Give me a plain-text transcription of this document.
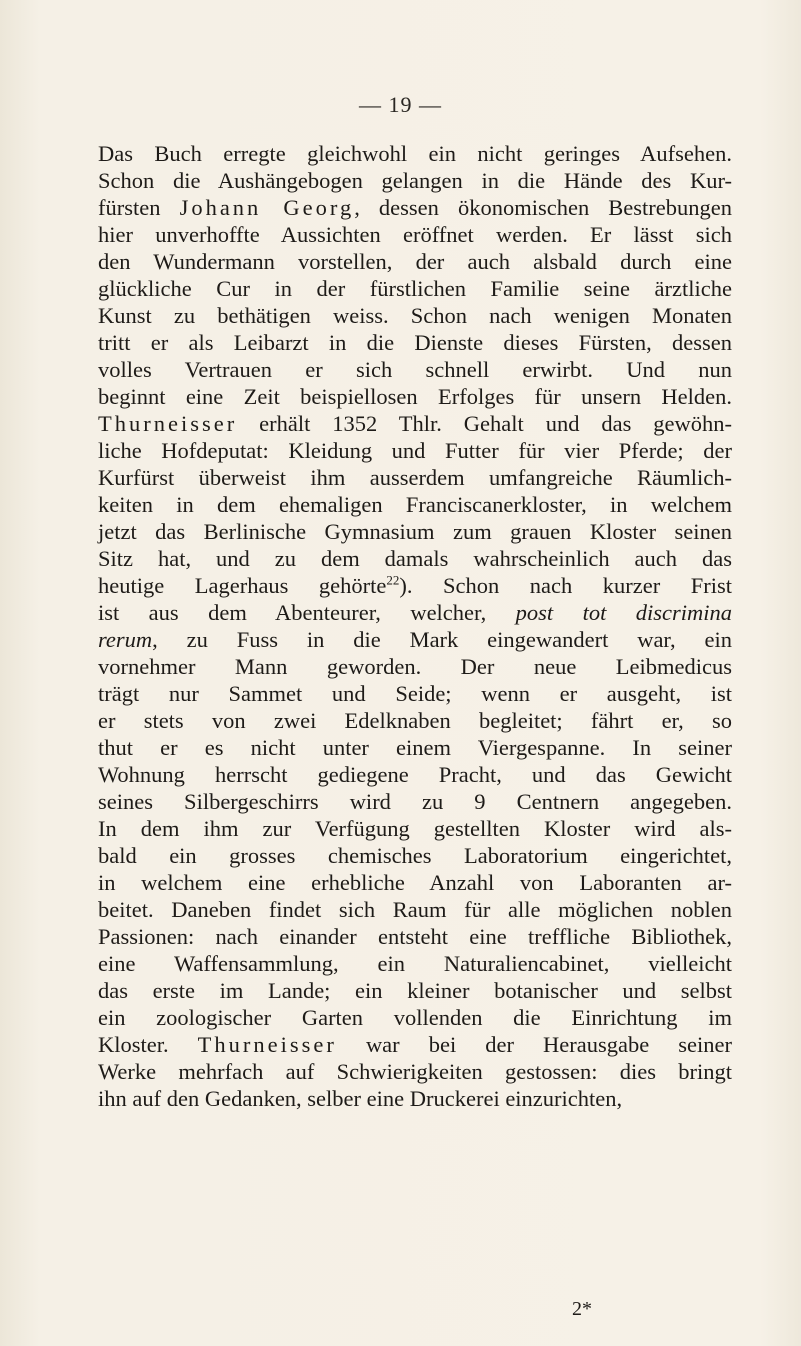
— 19 —
Das Buch erregte gleichwohl ein nicht geringes Aufsehen.
Schon die Aushängebogen gelangen in die Hände des Kur-
fürsten Johann Georg, dessen ökonomischen Bestrebungen
hier unverhoffte Aussichten eröffnet werden. Er lässt sich
den Wundermann vorstellen, der auch alsbald durch eine
glückliche Cur in der fürstlichen Familie seine ärztliche
Kunst zu bethätigen weiss. Schon nach wenigen Monaten
tritt er als Leibarzt in die Dienste dieses Fürsten, dessen
volles Vertrauen er sich schnell erwirbt. Und nun
beginnt eine Zeit beispiellosen Erfolges für unsern Helden.
Thurneisser erhält 1352 Thlr. Gehalt und das gewöhn-
liche Hofdeputat: Kleidung und Futter für vier Pferde; der
Kurfürst überweist ihm ausserdem umfangreiche Räumlich-
keiten in dem ehemaligen Franciscanerkloster, in welchem
jetzt das Berlinische Gymnasium zum grauen Kloster seinen
Sitz hat, und zu dem damals wahrscheinlich auch das
heutige Lagerhaus gehörte$^{22}$). Schon nach kurzer Frist
ist aus dem Abenteurer, welcher, post tot discrimina
rerum, zu Fuss in die Mark eingewandert war, ein
vornehmer Mann geworden. Der neue Leibmedicus
trägt nur Sammet und Seide; wenn er ausgeht, ist
er stets von zwei Edelknaben begleitet; fährt er, so
thut er es nicht unter einem Viergespanne. In seiner
Wohnung herrscht gediegene Pracht, und das Gewicht
seines Silbergeschirrs wird zu 9 Centnern angegeben.
In dem ihm zur Verfügung gestellten Kloster wird als-
bald ein grosses chemisches Laboratorium eingerichtet,
in welchem eine erhebliche Anzahl von Laboranten ar-
beitet. Daneben findet sich Raum für alle möglichen noblen
Passionen: nach einander entsteht eine treffliche Bibliothek,
eine Waffensammlung, ein Naturaliencabinet, vielleicht
das erste im Lande; ein kleiner botanischer und selbst
ein zoologischer Garten vollenden die Einrichtung im
Kloster. Thurneisser war bei der Herausgabe seiner
Werke mehrfach auf Schwierigkeiten gestossen: dies bringt
ihn auf den Gedanken, selber eine Druckerei einzurichten,
2*
